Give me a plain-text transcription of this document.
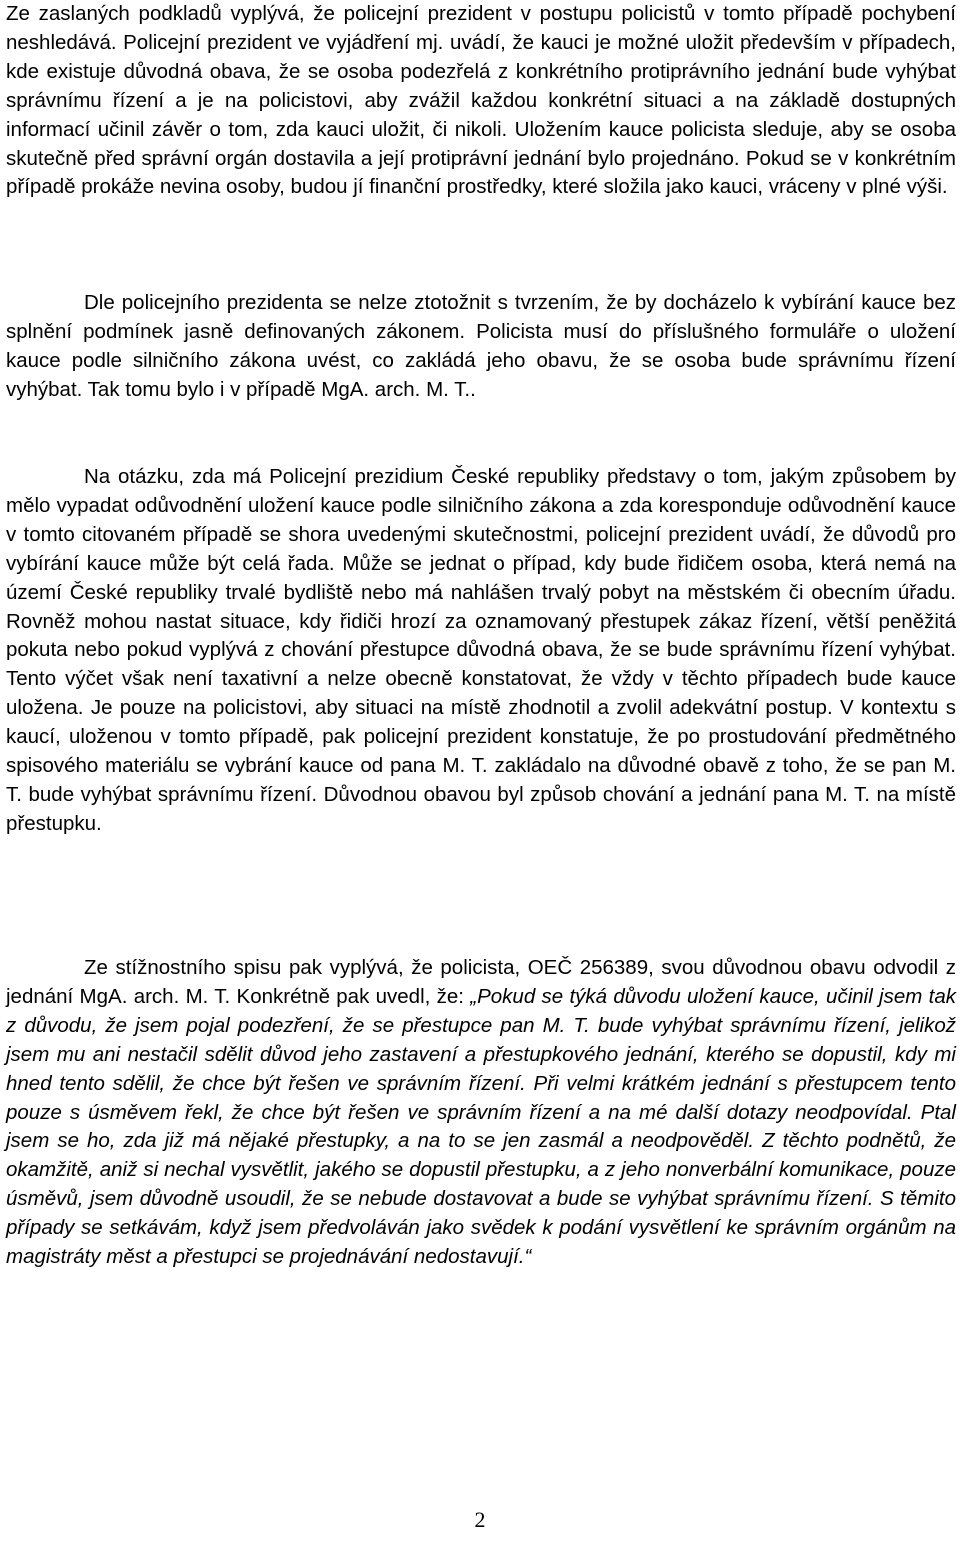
Ze zaslaných podkladů vyplývá, že policejní prezident v postupu policistů v tomto případě pochybení neshledává. Policejní prezident ve vyjádření mj. uvádí, že kauci je možné uložit především v případech, kde existuje důvodná obava, že se osoba podezřelá z konkrétního protiprávního jednání bude vyhýbat správnímu řízení a je na policistovi, aby zvážil každou konkrétní situaci a na základě dostupných informací učinil závěr o tom, zda kauci uložit, či nikoli. Uložením kauce policista sleduje, aby se osoba skutečně před správní orgán dostavila a její protiprávní jednání bylo projednáno. Pokud se v konkrétním případě prokáže nevina osoby, budou jí finanční prostředky, které složila jako kauci, vráceny v plné výši.

Dle policejního prezidenta se nelze ztotožnit s tvrzením, že by docházelo k vybírání kauce bez splnění podmínek jasně definovaných zákonem. Policista musí do příslušného formuláře o uložení kauce podle silničního zákona uvést, co zakládá jeho obavu, že se osoba bude správnímu řízení vyhýbat. Tak tomu bylo i v případě MgA. arch. M. T..

Na otázku, zda má Policejní prezidium České republiky představy o tom, jakým způsobem by mělo vypadat odůvodnění uložení kauce podle silničního zákona a zda koresponduje odůvodnění kauce v tomto citovaném případě se shora uvedenými skutečnostmi, policejní prezident uvádí, že důvodů pro vybírání kauce může být celá řada. Může se jednat o případ, kdy bude řidičem osoba, která nemá na území České republiky trvalé bydliště nebo má nahlášen trvalý pobyt na městském či obecním úřadu. Rovněž mohou nastat situace, kdy řidiči hrozí za oznamovaný přestupek zákaz řízení, větší peněžitá pokuta nebo pokud vyplývá z chování přestupce důvodná obava, že se bude správnímu řízení vyhýbat. Tento výčet však není taxativní a nelze obecně konstatovat, že vždy v těchto případech bude kauce uložena. Je pouze na policistovi, aby situaci na místě zhodnotil a zvolil adekvátní postup. V kontextu s kaucí, uloženou v tomto případě, pak policejní prezident konstatuje, že po prostudování předmětného spisového materiálu se vybrání kauce od pana M. T. zakládalo na důvodné obavě z toho, že se pan M. T. bude vyhýbat správnímu řízení. Důvodnou obavou byl způsob chování a jednání pana M. T. na místě přestupku.

Ze stížnostního spisu pak vyplývá, že policista, OEČ 256389, svou důvodnou obavu odvodil z jednání MgA. arch. M. T. Konkrétně pak uvedl, že: „Pokud se týká důvodu uložení kauce, učinil jsem tak z důvodu, že jsem pojal podezření, že se přestupce pan M. T. bude vyhýbat správnímu řízení, jelikož jsem mu ani nestačil sdělit důvod jeho zastavení a přestupkového jednání, kterého se dopustil, kdy mi hned tento sdělil, že chce být řešen ve správním řízení. Při velmi krátkém jednání s přestupcem tento pouze s úsměvem řekl, že chce být řešen ve správním řízení a na mé další dotazy neodpovídal. Ptal jsem se ho, zda již má nějaké přestupky, a na to se jen zasmál a neodpověděl. Z těchto podnětů, že okamžitě, aniž si nechal vysvětlit, jakého se dopustil přestupku, a z jeho nonverbální komunikace, pouze úsměvů, jsem důvodně usoudil, že se nebude dostavovat a bude se vyhýbat správnímu řízení. S těmito případy se setkávám, když jsem předvoláván jako svědek k podání vysvětlení ke správním orgánům na magistráty měst a přestupci se projednávání nedostavují.“

2
